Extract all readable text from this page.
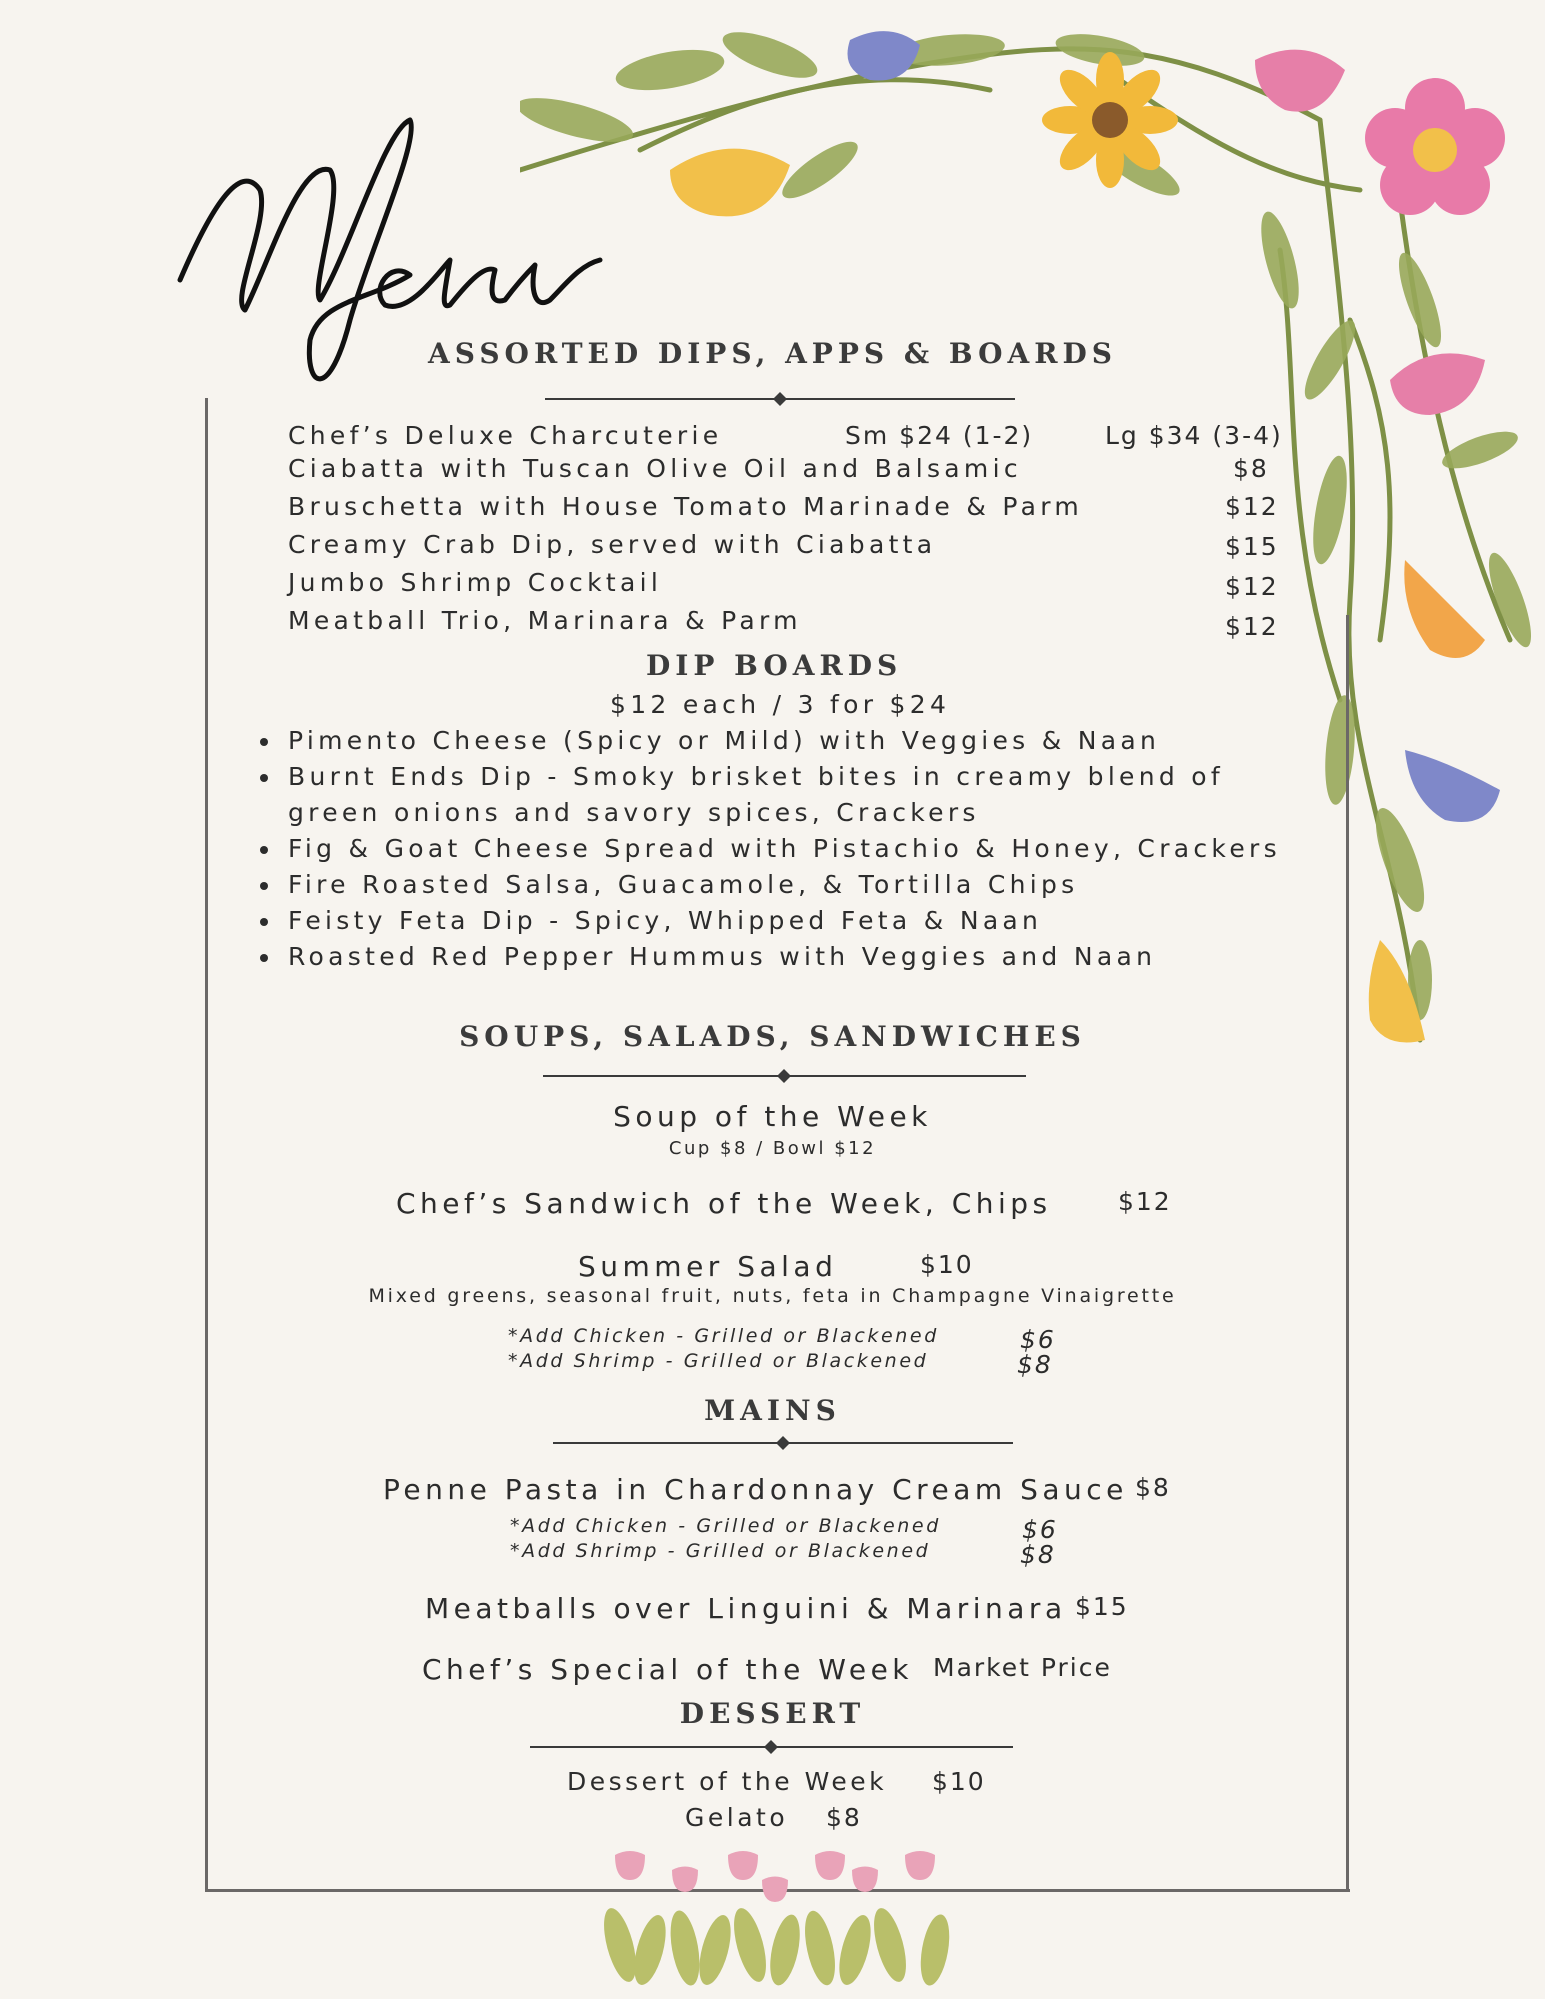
ASSORTED DIPS, APPS & BOARDS
Chef’s Deluxe Charcuterie	Sm $24 (1-2)	Lg $34 (3-4)
Ciabatta with Tuscan Olive Oil and Balsamic	$8
Bruschetta with House Tomato Marinade & Parm	$12
Creamy Crab Dip, served with Ciabatta	$15
Jumbo Shrimp Cocktail	$12
Meatball Trio, Marinara & Parm	$12
DIP BOARDS
$12 each / 3 for $24
Pimento Cheese (Spicy or Mild) with Veggies & Naan
Burnt Ends Dip - Smoky brisket bites in creamy blend of
green onions and savory spices, Crackers
Fig & Goat Cheese Spread with Pistachio & Honey, Crackers
Fire Roasted Salsa, Guacamole, & Tortilla Chips
Feisty Feta Dip - Spicy, Whipped Feta & Naan
Roasted Red Pepper Hummus with Veggies and Naan
SOUPS, SALADS, SANDWICHES
Soup of the Week
Cup $8 / Bowl $12
Chef’s Sandwich of the Week, Chips	$12
Summer Salad	$10
Mixed greens, seasonal fruit, nuts, feta in Champagne Vinaigrette
*Add Chicken - Grilled or Blackened	$6
*Add Shrimp - Grilled or Blackened	$8
MAINS
Penne Pasta in Chardonnay Cream Sauce $8
*Add Chicken - Grilled or Blackened	$6
*Add Shrimp - Grilled or Blackened	$8
Meatballs over Linguini & Marinara $15
Chef’s Special of the Week Market Price
DESSERT
Dessert of the Week $10
Gelato $8
